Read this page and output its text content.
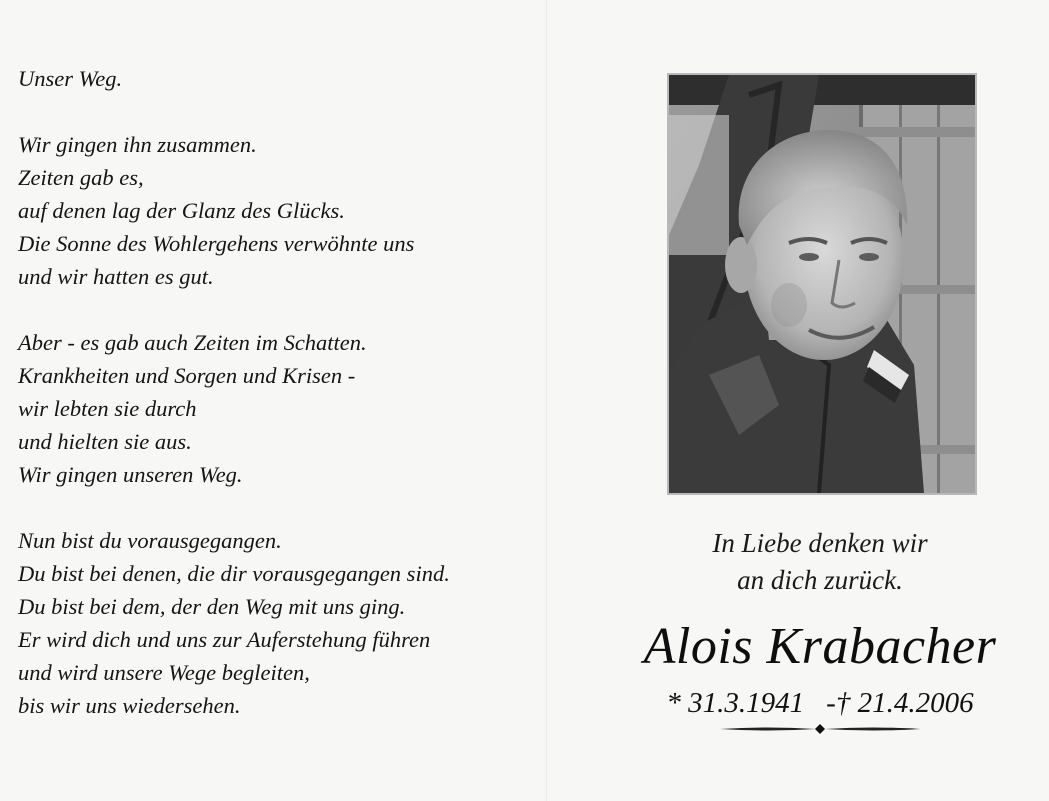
Unser Weg.
Wir gingen ihn zusammen.
Zeiten gab es,
auf denen lag der Glanz des Glücks.
Die Sonne des Wohlergehens verwöhnte uns
und wir hatten es gut.
Aber - es gab auch Zeiten im Schatten.
Krankheiten und Sorgen und Krisen -
wir lebten sie durch
und hielten sie aus.
Wir gingen unseren Weg.
Nun bist du vorausgegangen.
Du bist bei denen, die dir vorausgegangen sind.
Du bist bei dem, der den Weg mit uns ging.
Er wird dich und uns zur Auferstehung führen
und wird unsere Wege begleiten,
bis wir uns wiedersehen.
In Liebe denken wir
an dich zurück.
Alois Krabacher
* 31.3.1941 -† 21.4.2006
